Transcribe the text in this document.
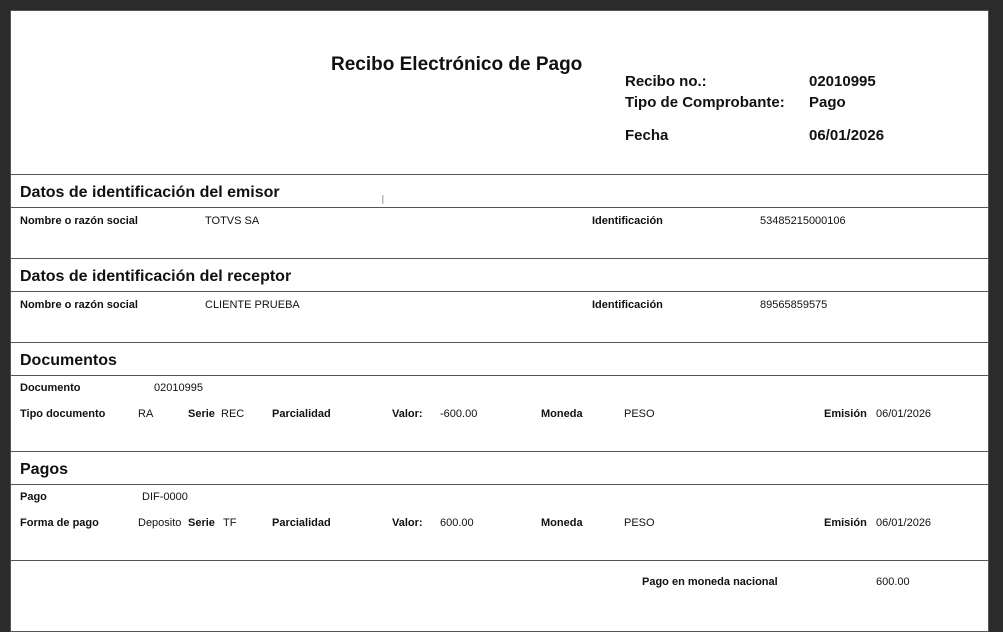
Recibo Electrónico de Pago
Recibo no.:	02010995
Tipo de Comprobante: Pago
Fecha	06/01/2026
Datos de identificación del emisor	I
Nombre o razón social	TOTVS SA	Identificación	53485215000106
Datos de identificación del receptor
Nombre o razón social	CLIENTE PRUEBA	Identificación	89565859575
Documentos
Documento	02010995
Tipo documento	RA	Serie REC	Parcialidad	Valor: -600.00	Moneda	PESO	Emisión 06/01/2026
Pagos
Pago	DIF-0000
Forma de pago	Deposito Serie TF	Parcialidad	Valor: 600.00	Moneda	PESO	Emisión 06/01/2026
Pago en moneda nacional	600.00
